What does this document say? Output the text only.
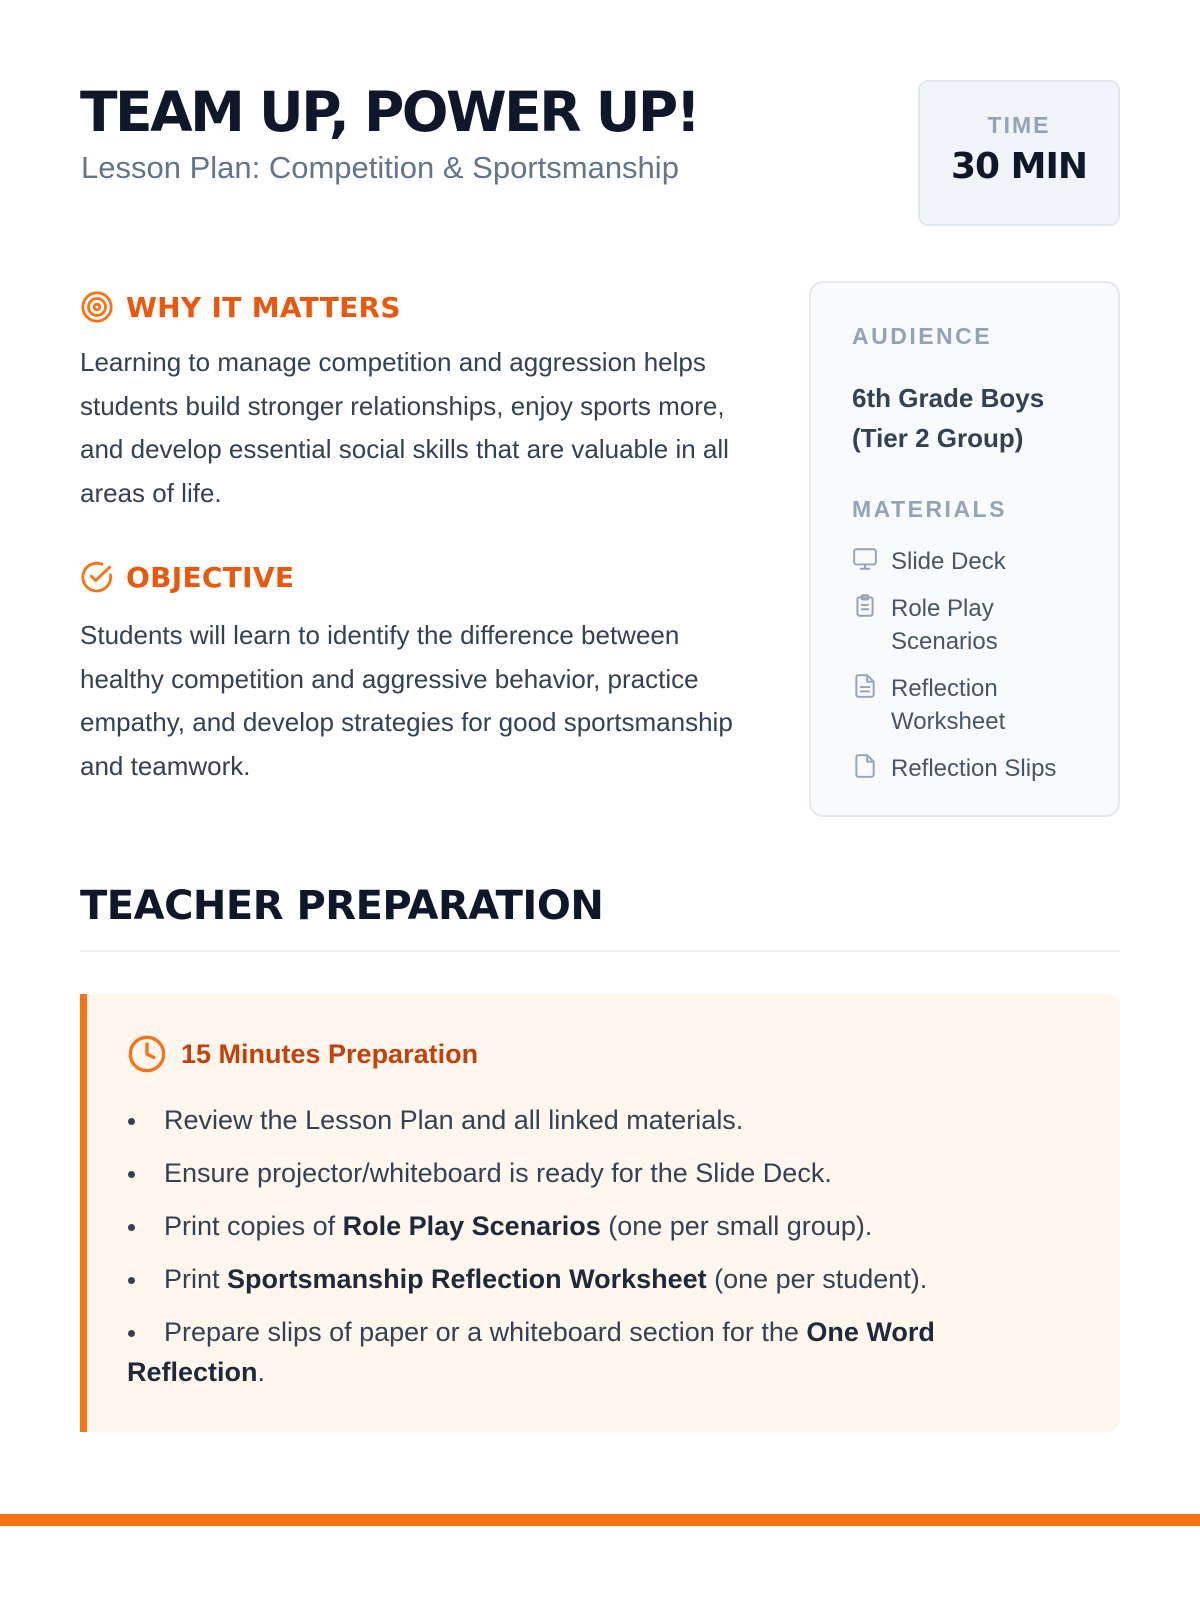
TEAM UP, POWER UP!
Lesson Plan: Competition & Sportsmanship
TIME
30 MIN
WHY IT MATTERS

Learning to manage competition and aggression helps students build stronger relationships, enjoy sports more, and develop essential social skills that are valuable in all areas of life.

OBJECTIVE

Students will learn to identify the difference between healthy competition and aggressive behavior, practice empathy, and develop strategies for good sportsmanship and teamwork.

AUDIENCE
6th Grade Boys (Tier 2 Group)
MATERIALS
Slide Deck
Role Play Scenarios
Reflection Worksheet
Reflection Slips
TEACHER PREPARATION
15 Minutes Preparation
Review the Lesson Plan and all linked materials.
Ensure projector/whiteboard is ready for the Slide Deck.
Print copies of Role Play Scenarios (one per small group).
Print Sportsmanship Reflection Worksheet (one per student).
Prepare slips of paper or a whiteboard section for the One Word Reflection.
